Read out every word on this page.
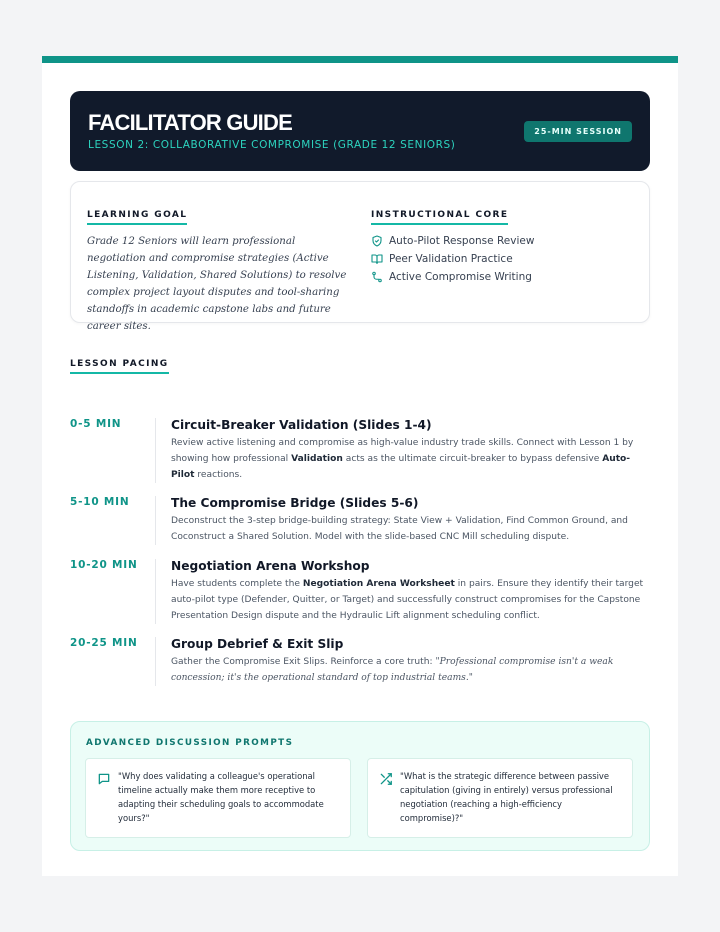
FACILITATOR GUIDE
LESSON 2: COLLABORATIVE COMPROMISE (GRADE 12 SENIORS)
25-MIN SESSION
LEARNING GOAL
Grade 12 Seniors will learn professional negotiation and compromise strategies (Active Listening, Validation, Shared Solutions) to resolve complex project layout disputes and tool-sharing standoffs in academic capstone labs and future career sites.
INSTRUCTIONAL CORE
Auto-Pilot Response Review
Peer Validation Practice
Active Compromise Writing
LESSON PACING
0-5 MIN	Circuit-Breaker Validation (Slides 1-4)
Review active listening and compromise as high-value industry trade skills. Connect with Lesson 1 by showing how professional Validation acts as the ultimate circuit-breaker to bypass defensive Auto-Pilot reactions.
5-10 MIN	The Compromise Bridge (Slides 5-6)
Deconstruct the 3-step bridge-building strategy: State View + Validation, Find Common Ground, and Coconstruct a Shared Solution. Model with the slide-based CNC Mill scheduling dispute.
10-20 MIN	Negotiation Arena Workshop
Have students complete the Negotiation Arena Worksheet in pairs. Ensure they identify their target auto-pilot type (Defender, Quitter, or Target) and successfully construct compromises for the Capstone Presentation Design dispute and the Hydraulic Lift alignment scheduling conflict.
20-25 MIN	Group Debrief & Exit Slip
Gather the Compromise Exit Slips. Reinforce a core truth: "Professional compromise isn't a weak concession; it's the operational standard of top industrial teams."
ADVANCED DISCUSSION PROMPTS

"Why does validating a colleague's operational timeline actually make them more receptive to adapting their scheduling goals to accommodate yours?"

"What is the strategic difference between passive capitulation (giving in entirely) versus professional negotiation (reaching a high-efficiency compromise)?"
